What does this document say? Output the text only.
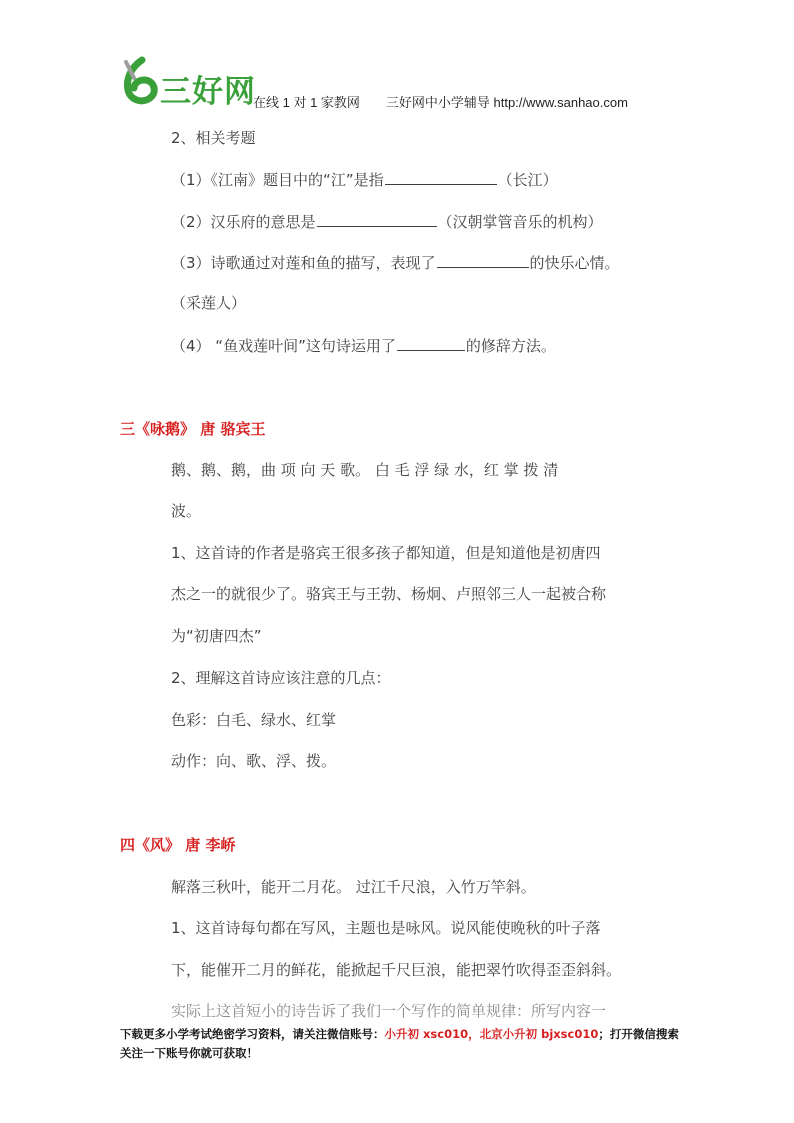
三好网
在线 1 对 1 家教网 三好网中小学辅导 http://www.sanhao.com
2、相关考题
（1）《江南》题目中的“江”是指	（长江）
（2）汉乐府的意思是	（汉朝掌管音乐的机构）
（3）诗歌通过对莲和鱼的描写，表现了	的快乐心情。
（采莲人）
（4） “鱼戏莲叶间”这句诗运用了	的修辞方法。
三《咏鹅》 唐 骆宾王
鹅、鹅、鹅，曲 项 向 天 歌。 白 毛 浮 绿 水，红 掌 拨 清
波。
1、这首诗的作者是骆宾王很多孩子都知道，但是知道他是初唐四
杰之一的就很少了。骆宾王与王勃、杨炯、卢照邻三人一起被合称
为“初唐四杰”
2、理解这首诗应该注意的几点：
色彩：白毛、绿水、红掌
动作：向、歌、浮、拨。
四《风》 唐 李峤
解落三秋叶，能开二月花。 过江千尺浪，入竹万竿斜。
1、这首诗每句都在写风，主题也是咏风。说风能使晚秋的叶子落
下，能催开二月的鲜花，能掀起千尺巨浪，能把翠竹吹得歪歪斜斜。
实际上这首短小的诗告诉了我们一个写作的简单规律：所写内容一
下载更多小学考试绝密学习资料，请关注微信账号：小升初 xsc010，北京小升初 bjxsc010；打开微信搜索
关注一下账号你就可获取！
